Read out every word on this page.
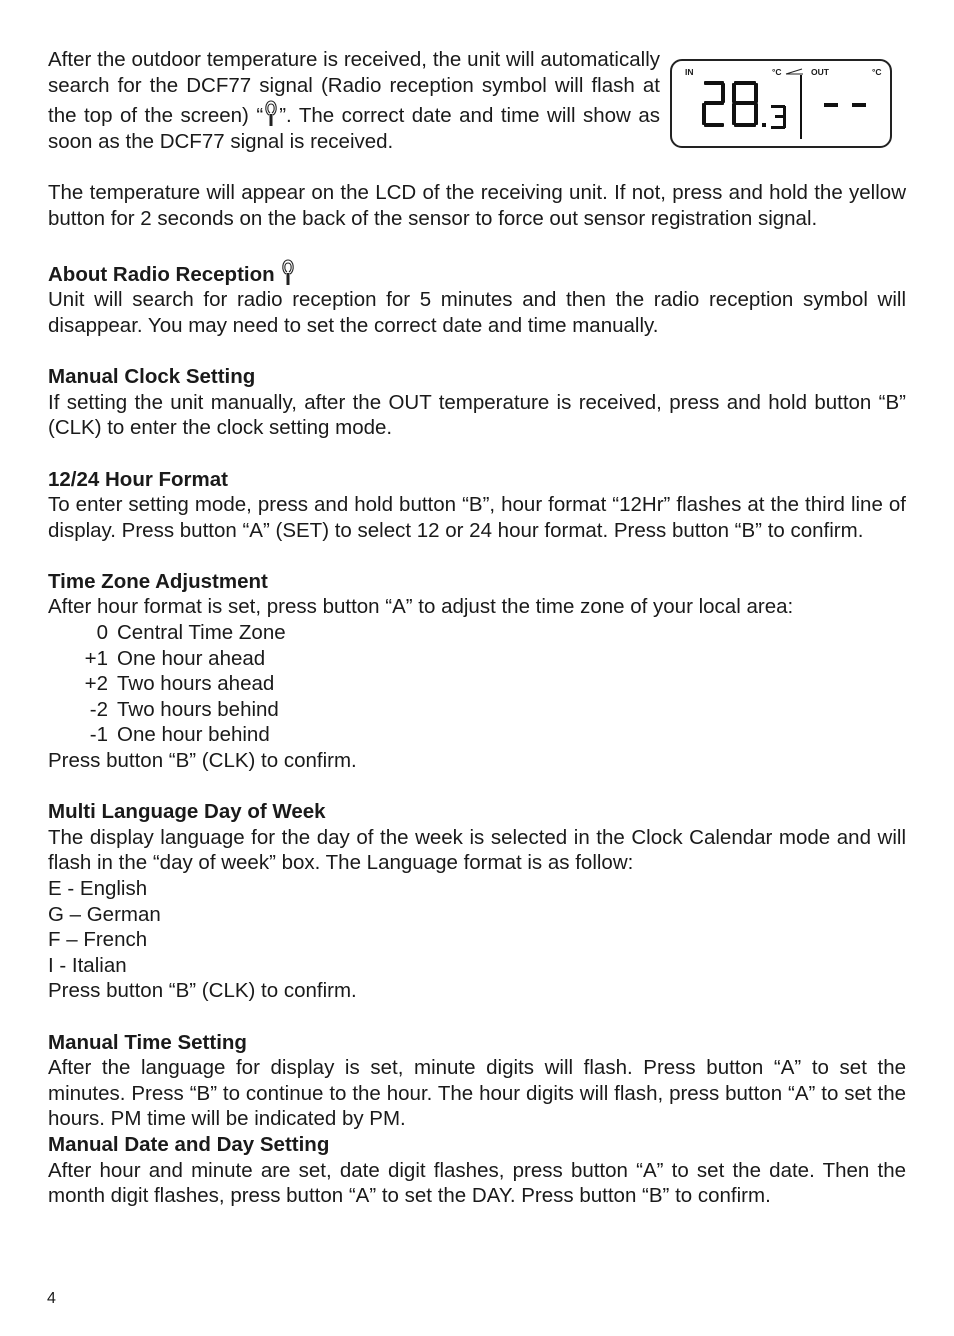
IN	°C	OUT	°C

After the outdoor temperature is received, the unit will automatically search for the DCF77 signal (Radio reception symbol will flash at the top of the screen) “ ”. The correct date and time will show as soon as the DCF77 signal is received.

The temperature will appear on the LCD of the receiving unit. If not, press and hold the yellow button for 2 seconds on the back of the sensor to force out sensor registration signal.

About Radio Reception

Unit will search for radio reception for 5 minutes and then the radio reception symbol will disappear. You may need to set the correct date and time manually.

Manual Clock Setting

If setting the unit manually, after the OUT temperature is received, press and hold button “B” (CLK) to enter the clock setting mode.

12/24 Hour Format

To enter setting mode, press and hold button “B”, hour format “12Hr” flashes at the third line of display. Press button “A” (SET) to select 12 or 24 hour format. Press button “B” to confirm.

Time Zone Adjustment

After hour format is set, press button “A” to adjust the time zone of your local area:

0 Central Time Zone
+1 One hour ahead
+2 Two hours ahead
-2 Two hours behind
-1 One hour behind

Press button “B” (CLK) to confirm.

Multi Language Day of Week

The display language for the day of the week is selected in the Clock Calendar mode and will flash in the “day of week” box. The Language format is as follow:

E - English
G – German
F – French
I - Italian

Press button “B” (CLK) to confirm.

Manual Time Setting

After the language for display is set, minute digits will flash. Press button “A” to set the minutes. Press “B” to continue to the hour. The hour digits will flash, press button “A” to set the hours. PM time will be indicated by PM.

Manual Date and Day Setting

After hour and minute are set, date digit flashes, press button “A” to set the date. Then the month digit flashes, press button “A” to set the DAY. Press button “B” to confirm.

4
